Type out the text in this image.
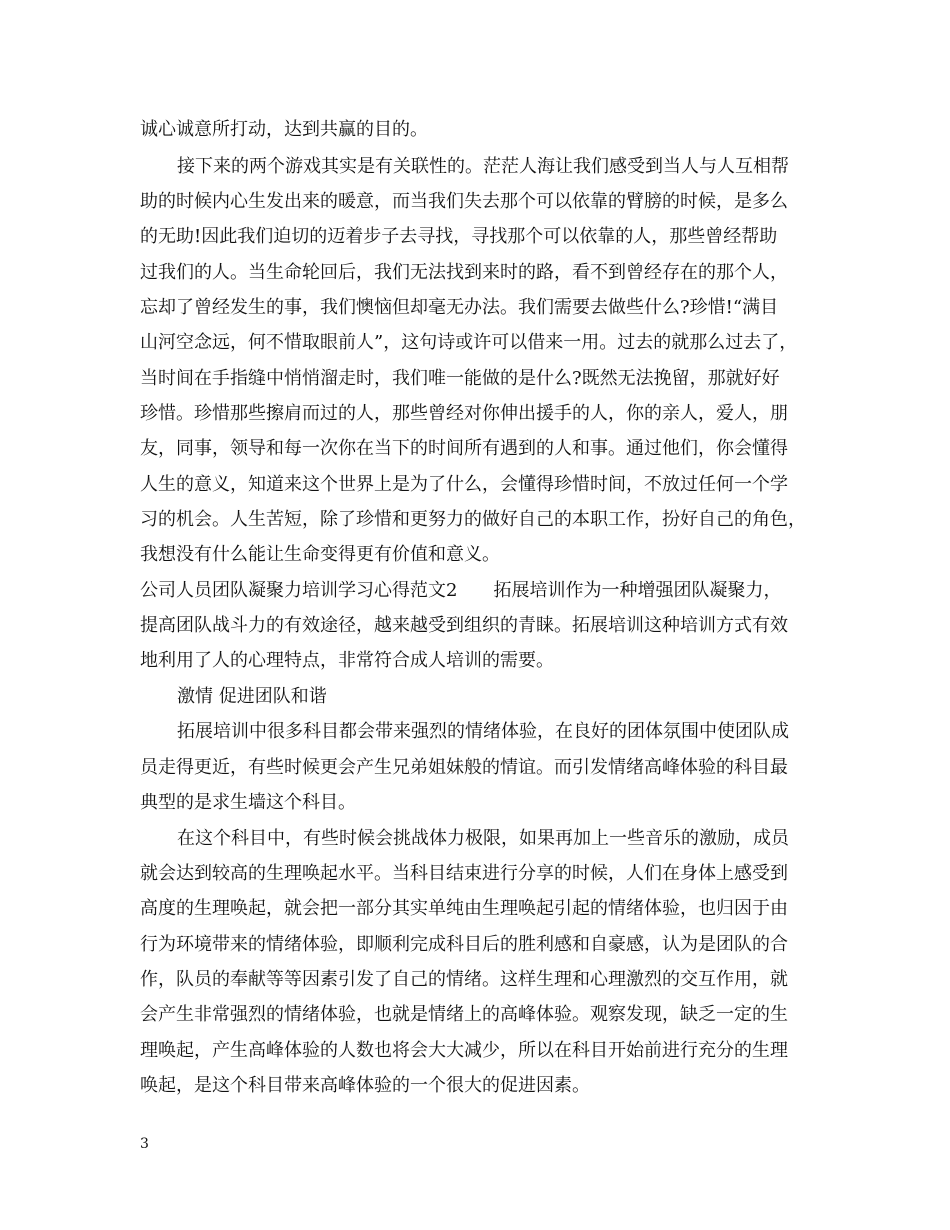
诚心诚意所打动，达到共赢的目的。

接下来的两个游戏其实是有关联性的。茫茫人海让我们感受到当人与人互相帮

助的时候内心生发出来的暖意，而当我们失去那个可以依靠的臂膀的时候，是多么

的无助!因此我们迫切的迈着步子去寻找，寻找那个可以依靠的人，那些曾经帮助

过我们的人。当生命轮回后，我们无法找到来时的路，看不到曾经存在的那个人，

忘却了曾经发生的事，我们懊恼但却毫无办法。我们需要去做些什么?珍惜!“满目

山河空念远，何不惜取眼前人”，这句诗或许可以借来一用。过去的就那么过去了，

当时间在手指缝中悄悄溜走时，我们唯一能做的是什么?既然无法挽留，那就好好

珍惜。珍惜那些擦肩而过的人，那些曾经对你伸出援手的人，你的亲人，爱人，朋

友，同事，领导和每一次你在当下的时间所有遇到的人和事。通过他们，你会懂得

人生的意义，知道来这个世界上是为了什么，会懂得珍惜时间，不放过任何一个学

习的机会。人生苦短，除了珍惜和更努力的做好自己的本职工作，扮好自己的角色，

我想没有什么能让生命变得更有价值和意义。

公司人员团队凝聚力培训学习心得范文2　　拓展培训作为一种增强团队凝聚力，

提高团队战斗力的有效途径，越来越受到组织的青睐。拓展培训这种培训方式有效

地利用了人的心理特点，非常符合成人培训的需要。

激情 促进团队和谐

拓展培训中很多科目都会带来强烈的情绪体验，在良好的团体氛围中使团队成

员走得更近，有些时候更会产生兄弟姐妹般的情谊。而引发情绪高峰体验的科目最

典型的是求生墙这个科目。

在这个科目中，有些时候会挑战体力极限，如果再加上一些音乐的激励，成员

就会达到较高的生理唤起水平。当科目结束进行分享的时候，人们在身体上感受到

高度的生理唤起，就会把一部分其实单纯由生理唤起引起的情绪体验，也归因于由

行为环境带来的情绪体验，即顺利完成科目后的胜利感和自豪感，认为是团队的合

作，队员的奉献等等因素引发了自己的情绪。这样生理和心理激烈的交互作用，就

会产生非常强烈的情绪体验，也就是情绪上的高峰体验。观察发现，缺乏一定的生

理唤起，产生高峰体验的人数也将会大大减少，所以在科目开始前进行充分的生理

唤起，是这个科目带来高峰体验的一个很大的促进因素。

3
